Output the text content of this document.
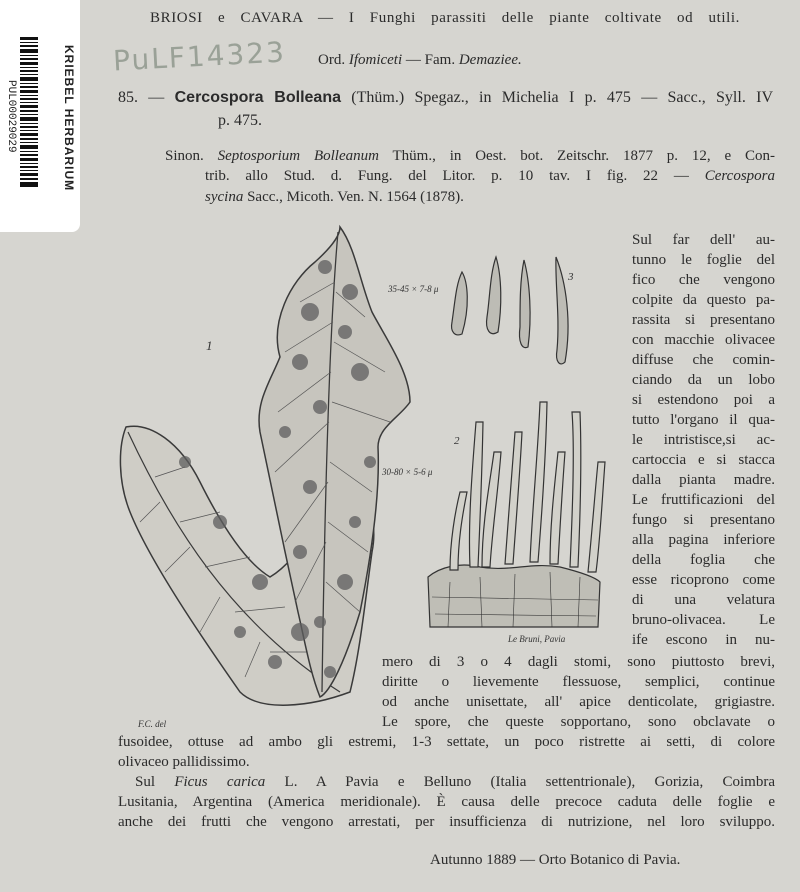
PUL00029029	KRIEBEL HERBARIUM PuLF14323
BRIOSI e CAVARA — I Funghi parassiti delle piante coltivate od utili.
Ord. Ifomiceti — Fam. Demaziee.
85. — Cercospora Bolleana (Thüm.) Spegaz., in Michelia I p. 475 — Sacc., Syll. IV
p. 475.
Sinon. Septosporium Bolleanum Thüm., in Oest. bot. Zeitschr. 1877 p. 12, e Con-
trib. allo Stud. d. Fung. del Litor. p. 10 tav. I fig. 22 — Cercospora
sycina Sacc., Micoth. Ven. N. 1564 (1878).
1
F.C. del
3
35-45 × 7-8 μ
2
30-80 × 5-6 μ
Le Bruni, Pavia
Sul far dell' au-
tunno le foglie del
fico che vengono
colpite da questo pa-
rassita si presentano
con macchie olivacee
diffuse che comin-
ciando da un lobo
si estendono poi a
tutto l'organo il qua-
le intristisce,si ac-
cartoccia e si stacca
dalla pianta madre.
Le fruttificazioni del
fungo si presentano
alla pagina inferiore
della foglia che
esse ricoprono come
di una velatura
bruno-olivacea. Le
ife escono in nu-
mero di 3 o 4 dagli stomi, sono piuttosto brevi,
diritte o lievemente flessuose, semplici, continue
od anche unisettate, all' apice denticolate, grigiastre.
Le spore, che queste sopportano, sono obclavate o
fusoidee, ottuse ad ambo gli estremi, 1-3 settate, un poco ristrette ai setti, di colore
olivaceo pallidissimo.
Sul Ficus carica L. A Pavia e Belluno (Italia settentrionale), Gorizia, Coimbra
Lusitania, Argentina (America meridionale). È causa delle precoce caduta delle foglie e
anche dei frutti che vengono arrestati, per insufficienza di nutrizione, nel loro sviluppo.
Autunno 1889 — Orto Botanico di Pavia.
